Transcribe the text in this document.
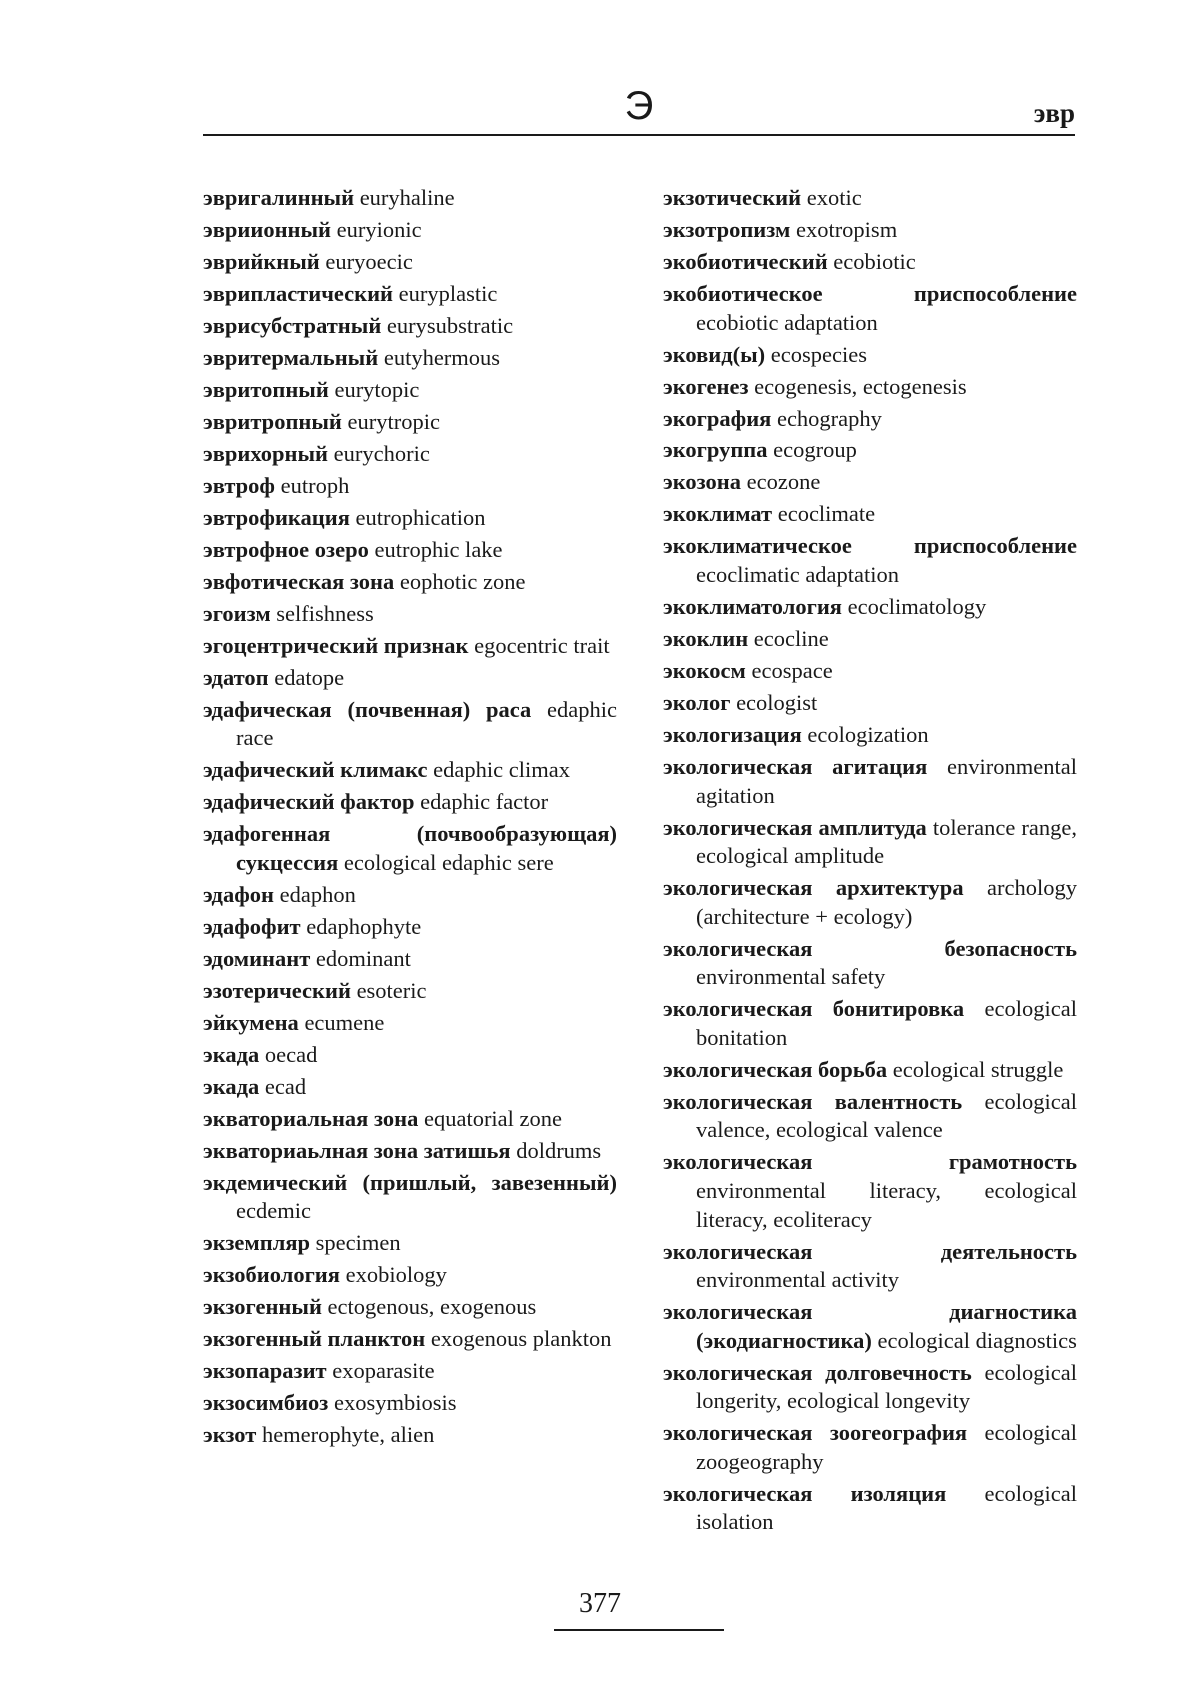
Э	эвр
эвригалинный euryhaline
эвриионный euryionic
эврийкный euryoecic
эврипластический euryplastic
эврисубстратный eurysubstratic
эвритермальный eutyhermous
эвритопный eurytopic
эвритропный eurytropic
эврихорный eurychoric
эвтроф eutroph
эвтрофикация eutrophication
эвтрофное озеро eutrophic lake
эвфотическая зона eophotic zone
эгоизм selfishness
эгоцентрический признак egocentric trait
эдатоп edatope
эдафическая (почвенная) раса edaphic race
эдафический климакс edaphic climax
эдафический фактор edaphic factor
эдафогенная (почвообразующая) сукцессия ecological edaphic sere
эдафон edaphon
эдафофит edaphophyte
эдоминант edominant
эзотерический esoteric
эйкумена ecumene
экада oecad
экада ecad
экваториальная зона equatorial zone
экваториаьлная зона затишья doldrums
экдемический (пришлый, завезенный) ecdemic
экземпляр specimen
экзобиология exobiology
экзогенный ectogenous, exogenous
экзогенный планктон exogenous plankton
экзопаразит exoparasite
экзосимбиоз exosymbiosis
экзот hemerophyte, alien
экзотический exotic
экзотропизм exotropism
экобиотический ecobiotic
экобиотическое приспособление ecobiotic adaptation
эковид(ы) ecospecies
экогенез ecogenesis, ectogenesis
экография echography
экогруппа ecogroup
экозона ecozone
экоклимат ecoclimate
экоклиматическое приспособление ecoclimatic adaptation
экоклиматология ecoclimatology
экоклин ecocline
экокосм ecospace
эколог ecologist
экологизация ecologization
экологическая агитация environmental agitation
экологическая амплитуда tolerance range, ecological amplitude
экологическая архитектура archology (architecture + ecology)
экологическая безопасность environmental safety
экологическая бонитировка ecological bonitation
экологическая борьба ecological struggle
экологическая валентность ecological valence, ecological valence
экологическая грамотность environmental literacy, ecological literacy, ecoliteracy
экологическая деятельность environmental activity
экологическая диагностика (экодиагностика) ecological diagnostics
экологическая долговечность ecological longerity, ecological longevity
экологическая зоогеография ecological zoogeography
экологическая изоляция ecological isolation
377
